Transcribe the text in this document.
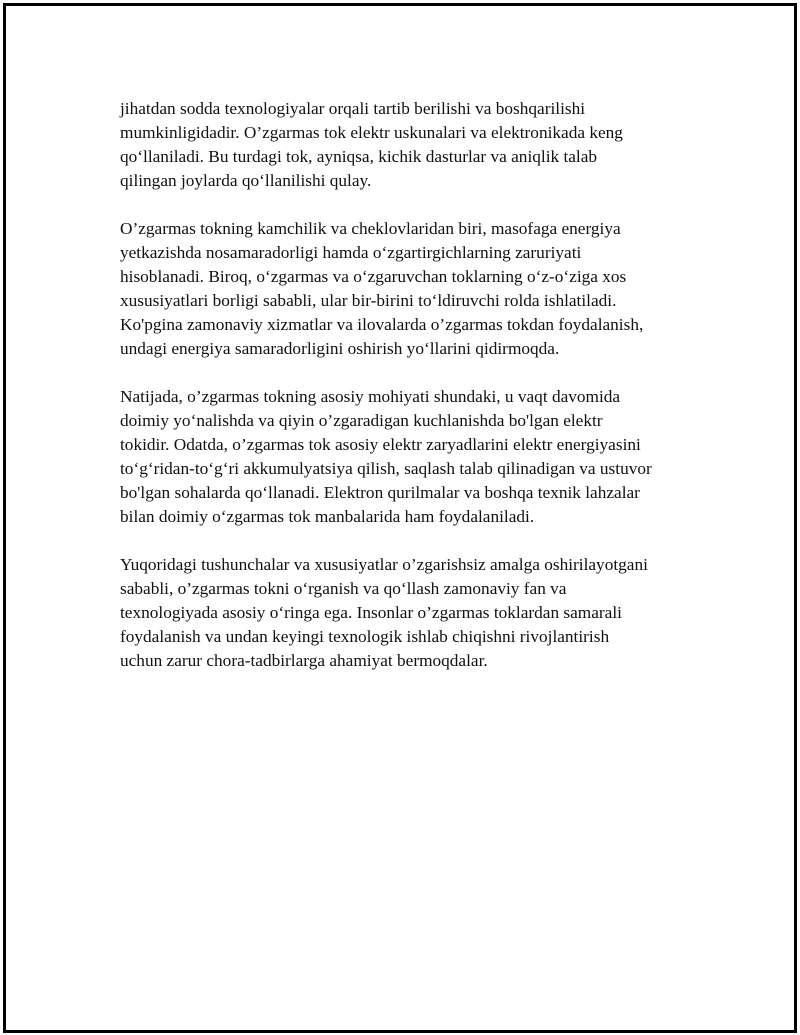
jihatdan sodda texnologiyalar orqali tartib berilishi va boshqarilishi
mumkinligidadir. O’zgarmas tok elektr uskunalari va elektronikada keng
qo‘llaniladi. Bu turdagi tok, ayniqsa, kichik dasturlar va aniqlik talab
qilingan joylarda qo‘llanilishi qulay.

O’zgarmas tokning kamchilik va cheklovlaridan biri, masofaga energiya
yetkazishda nosamaradorligi hamda o‘zgartirgichlarning zaruriyati
hisoblanadi. Biroq, o‘zgarmas va o‘zgaruvchan toklarning o‘z-o‘ziga xos
xususiyatlari borligi sababli, ular bir-birini to‘ldiruvchi rolda ishlatiladi.
Ko'pgina zamonaviy xizmatlar va ilovalarda o’zgarmas tokdan foydalanish,
undagi energiya samaradorligini oshirish yo‘llarini qidirmoqda.

Natijada, o’zgarmas tokning asosiy mohiyati shundaki, u vaqt davomida
doimiy yo‘nalishda va qiyin o’zgaradigan kuchlanishda bo'lgan elektr
tokidir. Odatda, o’zgarmas tok asosiy elektr zaryadlarini elektr energiyasini
to‘g‘ridan-to‘g‘ri akkumulyatsiya qilish, saqlash talab qilinadigan va ustuvor
bo'lgan sohalarda qo‘llanadi. Elektron qurilmalar va boshqa texnik lahzalar
bilan doimiy o‘zgarmas tok manbalarida ham foydalaniladi.

Yuqoridagi tushunchalar va xususiyatlar o’zgarishsiz amalga oshirilayotgani
sababli, o’zgarmas tokni o‘rganish va qo‘llash zamonaviy fan va
texnologiyada asosiy o‘ringa ega. Insonlar o’zgarmas toklardan samarali
foydalanish va undan keyingi texnologik ishlab chiqishni rivojlantirish
uchun zarur chora-tadbirlarga ahamiyat bermoqdalar.
